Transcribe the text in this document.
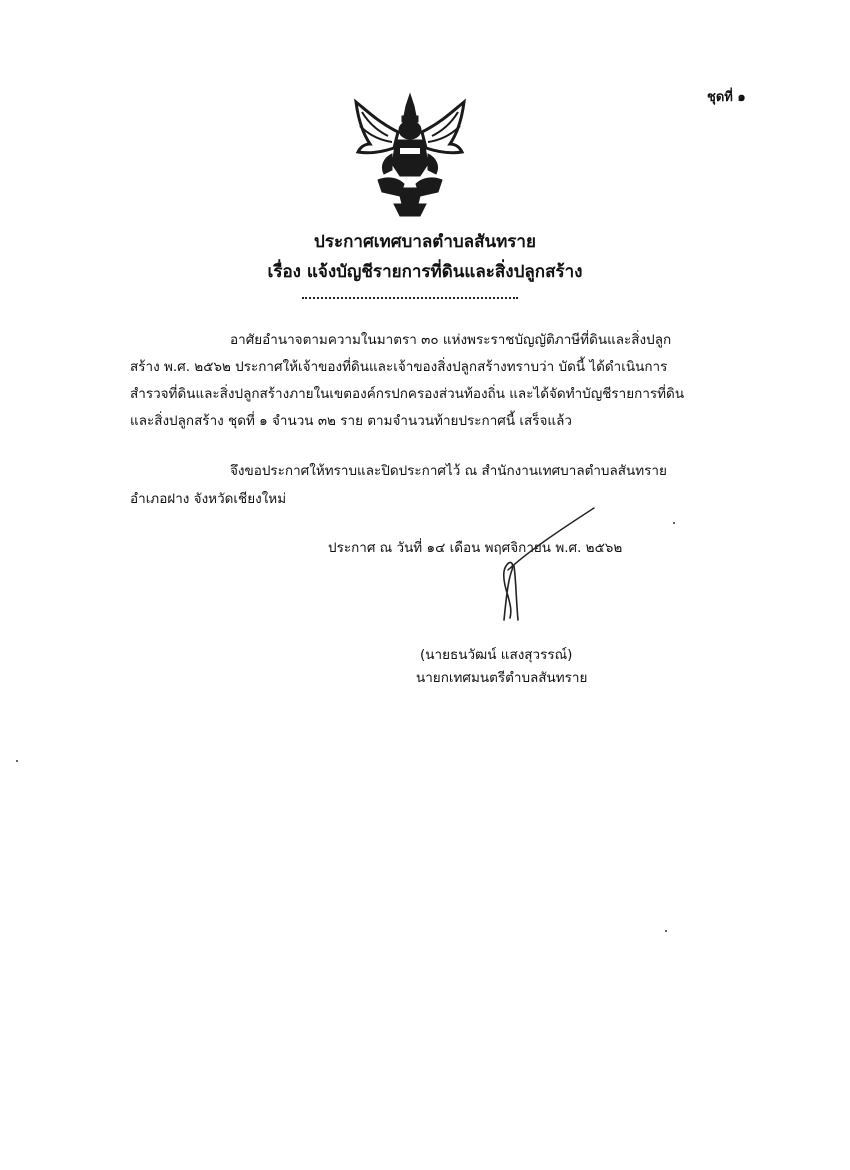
ชุดที่ ๑
ประกาศเทศบาลตำบลสันทราย
เรื่อง แจ้งบัญชีรายการที่ดินและสิ่งปลูกสร้าง
อาศัยอำนาจตามความในมาตรา ๓๐ แห่งพระราชบัญญัติภาษีที่ดินและสิ่งปลูก
สร้าง พ.ศ. ๒๕๖๒ ประกาศให้เจ้าของที่ดินและเจ้าของสิ่งปลูกสร้างทราบว่า บัดนี้ ได้ดำเนินการ
สำรวจที่ดินและสิ่งปลูกสร้างภายในเขตองค์กรปกครองส่วนท้องถิ่น และได้จัดทำบัญชีรายการที่ดิน
และสิ่งปลูกสร้าง ชุดที่ ๑ จำนวน ๓๒ ราย ตามจำนวนท้ายประกาศนี้ เสร็จแล้ว
จึงขอประกาศให้ทราบและปิดประกาศไว้ ณ สำนักงานเทศบาลตำบลสันทราย
อำเภอฝาง จังหวัดเชียงใหม่
ประกาศ ณ วันที่ ๑๔ เดือน พฤศจิกายน พ.ศ. ๒๕๖๒
(นายธนวัฒน์ แสงสุวรรณ์)
นายกเทศมนตรีตำบลสันทราย
